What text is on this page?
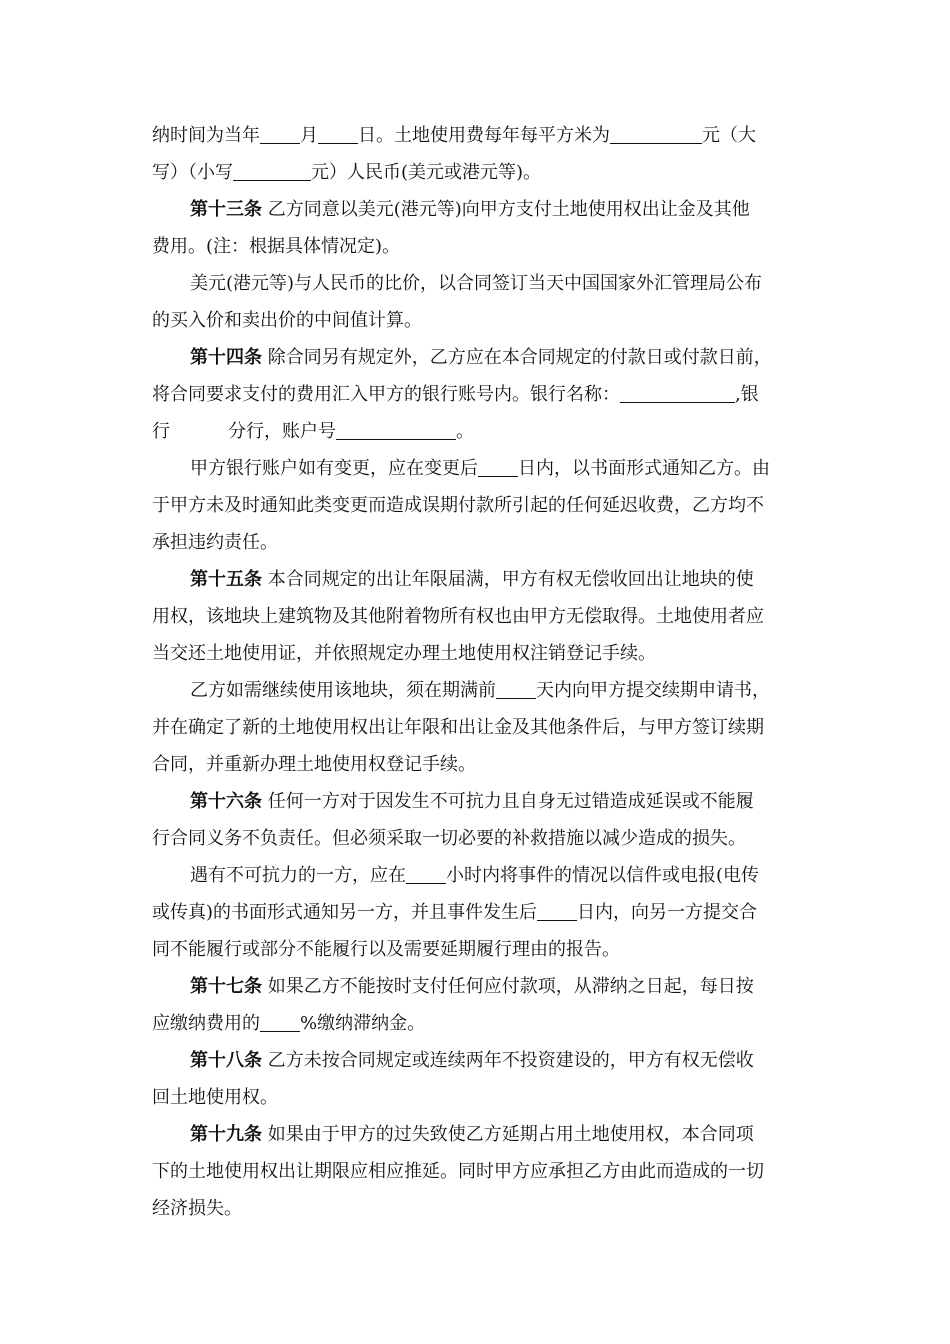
纳时间为当年 月 日。土地使用费每年每平方米为	元（大
写）（小写	元）人民币(美元或港元等)。
第十三条 乙方同意以美元(港元等)向甲方支付土地使用权出让金及其他
费用。(注：根据具体情况定)。
美元(港元等)与人民币的比价，以合同签订当天中国国家外汇管理局公布
的买入价和卖出价的中间值计算。
第十四条 除合同另有规定外，乙方应在本合同规定的付款日或付款日前，
将合同要求支付的费用汇入甲方的银行账号内。银行名称：	,银
行	分行，账户号	。
甲方银行账户如有变更，应在变更后 日内，以书面形式通知乙方。由
于甲方未及时通知此类变更而造成误期付款所引起的任何延迟收费，乙方均不
承担违约责任。
第十五条 本合同规定的出让年限届满，甲方有权无偿收回出让地块的使
用权，该地块上建筑物及其他附着物所有权也由甲方无偿取得。土地使用者应
当交还土地使用证，并依照规定办理土地使用权注销登记手续。
乙方如需继续使用该地块，须在期满前 天内向甲方提交续期申请书，
并在确定了新的土地使用权出让年限和出让金及其他条件后，与甲方签订续期
合同，并重新办理土地使用权登记手续。
第十六条 任何一方对于因发生不可抗力且自身无过错造成延误或不能履
行合同义务不负责任。但必须采取一切必要的补救措施以减少造成的损失。
遇有不可抗力的一方，应在 小时内将事件的情况以信件或电报(电传
或传真)的书面形式通知另一方，并且事件发生后 日内，向另一方提交合
同不能履行或部分不能履行以及需要延期履行理由的报告。
第十七条 如果乙方不能按时支付任何应付款项，从滞纳之日起，每日按
应缴纳费用的 %缴纳滞纳金。
第十八条 乙方未按合同规定或连续两年不投资建设的，甲方有权无偿收
回土地使用权。
第十九条 如果由于甲方的过失致使乙方延期占用土地使用权，本合同项
下的土地使用权出让期限应相应推延。同时甲方应承担乙方由此而造成的一切
经济损失。
